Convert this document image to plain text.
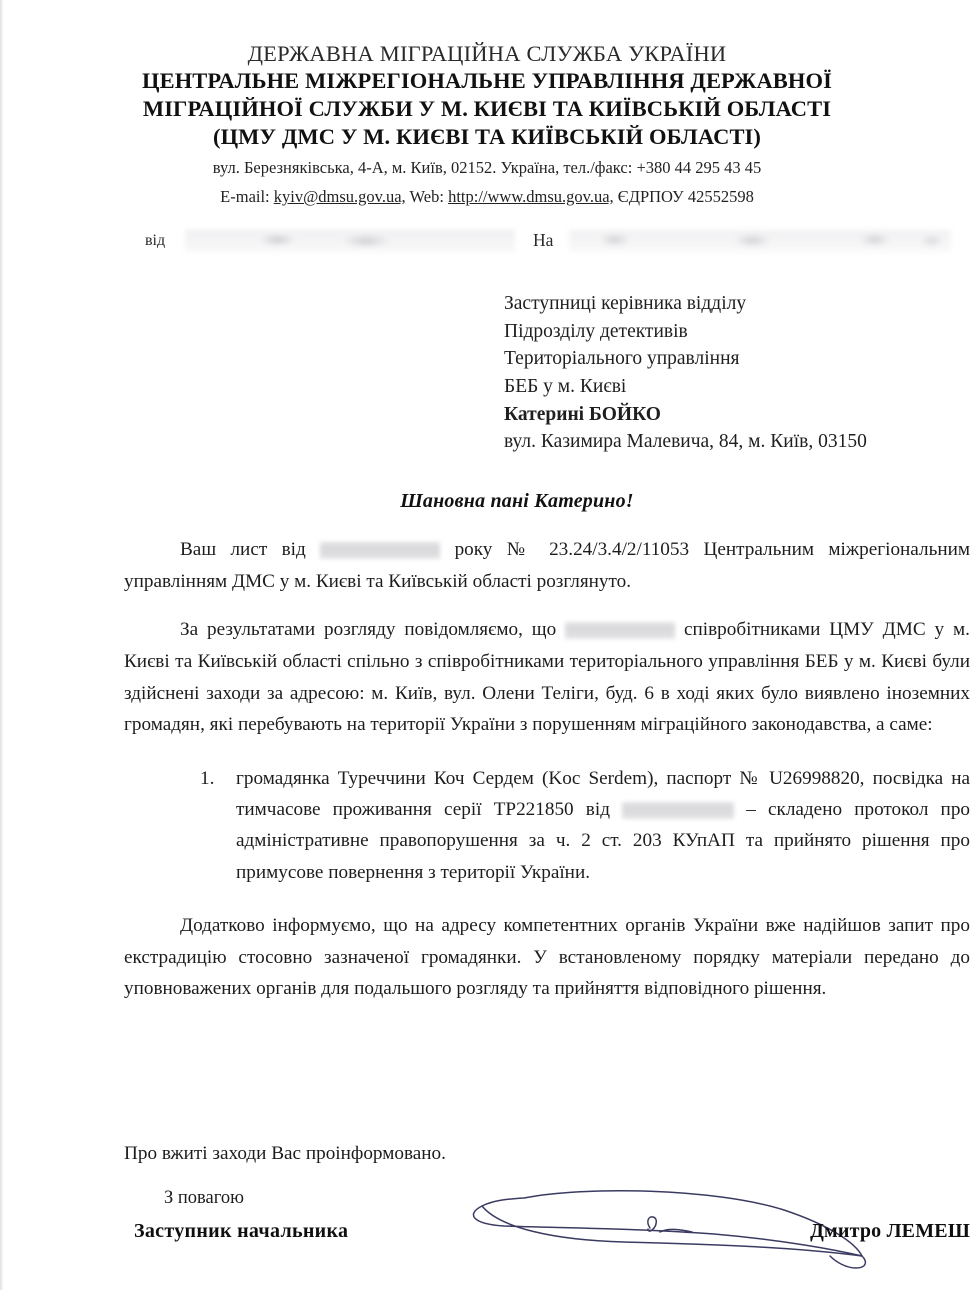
ДЕРЖАВНА МІГРАЦІЙНА СЛУЖБА УКРАЇНИ
ЦЕНТРАЛЬНЕ МІЖРЕГІОНАЛЬНЕ УПРАВЛІННЯ ДЕРЖАВНОЇ
МІГРАЦІЙНОЇ СЛУЖБИ У М. КИЄВІ ТА КИЇВСЬКІЙ ОБЛАСТІ
(ЦМУ ДМС У М. КИЄВІ ТА КИЇВСЬКІЙ ОБЛАСТІ)
вул. Березняківська, 4-А, м. Київ, 02152. Україна, тел./факс: +380 44 295 43 45
E-mail: kyiv@dmsu.gov.ua, Web: http://www.dmsu.gov.ua, ЄДРПОУ 42552598
від	На
Заступниці керівника відділу
Підрозділу детективів
Територіального управління
БЕБ у м. Києві
Катерині БОЙКО
вул. Казимира Малевича, 84, м. Київ, 03150
Шановна пані Катерино!

Ваш лист від	року № 23.24/3.4/2/11053 Центральним міжрегіональним управлінням ДМС у м. Києві та Київській області розглянуто.

За результатами розгляду повідомляємо, що	співробітниками ЦМУ ДМС у м. Києві та Київській області спільно з співробітниками територіального управління БЕБ у м. Києві були здійснені заходи за адресою: м. Київ, вул. Олени Теліги, буд. 6 в ході яких було виявлено іноземних громадян, які перебувають на території України з порушенням міграційного законодавства, а саме:

1. громадянка Туреччини Коч Сердем (Koc Serdem), паспорт № U26998820, посвідка на тимчасове проживання серії ТР221850 від	– складено протокол про адміністративне правопорушення за ч. 2 ст. 203 КУпАП та прийнято рішення про примусове повернення з території України.

Додатково інформуємо, що на адресу компетентних органів України вже надійшов запит про екстрадицію стосовно зазначеної громадянки. У встановленому порядку матеріали передано до уповноважених органів для подальшого розгляду та прийняття відповідного рішення.

Про вжиті заходи Вас проінформовано.
З повагою
Заступник начальника	Дмитро ЛЕМЕШ
